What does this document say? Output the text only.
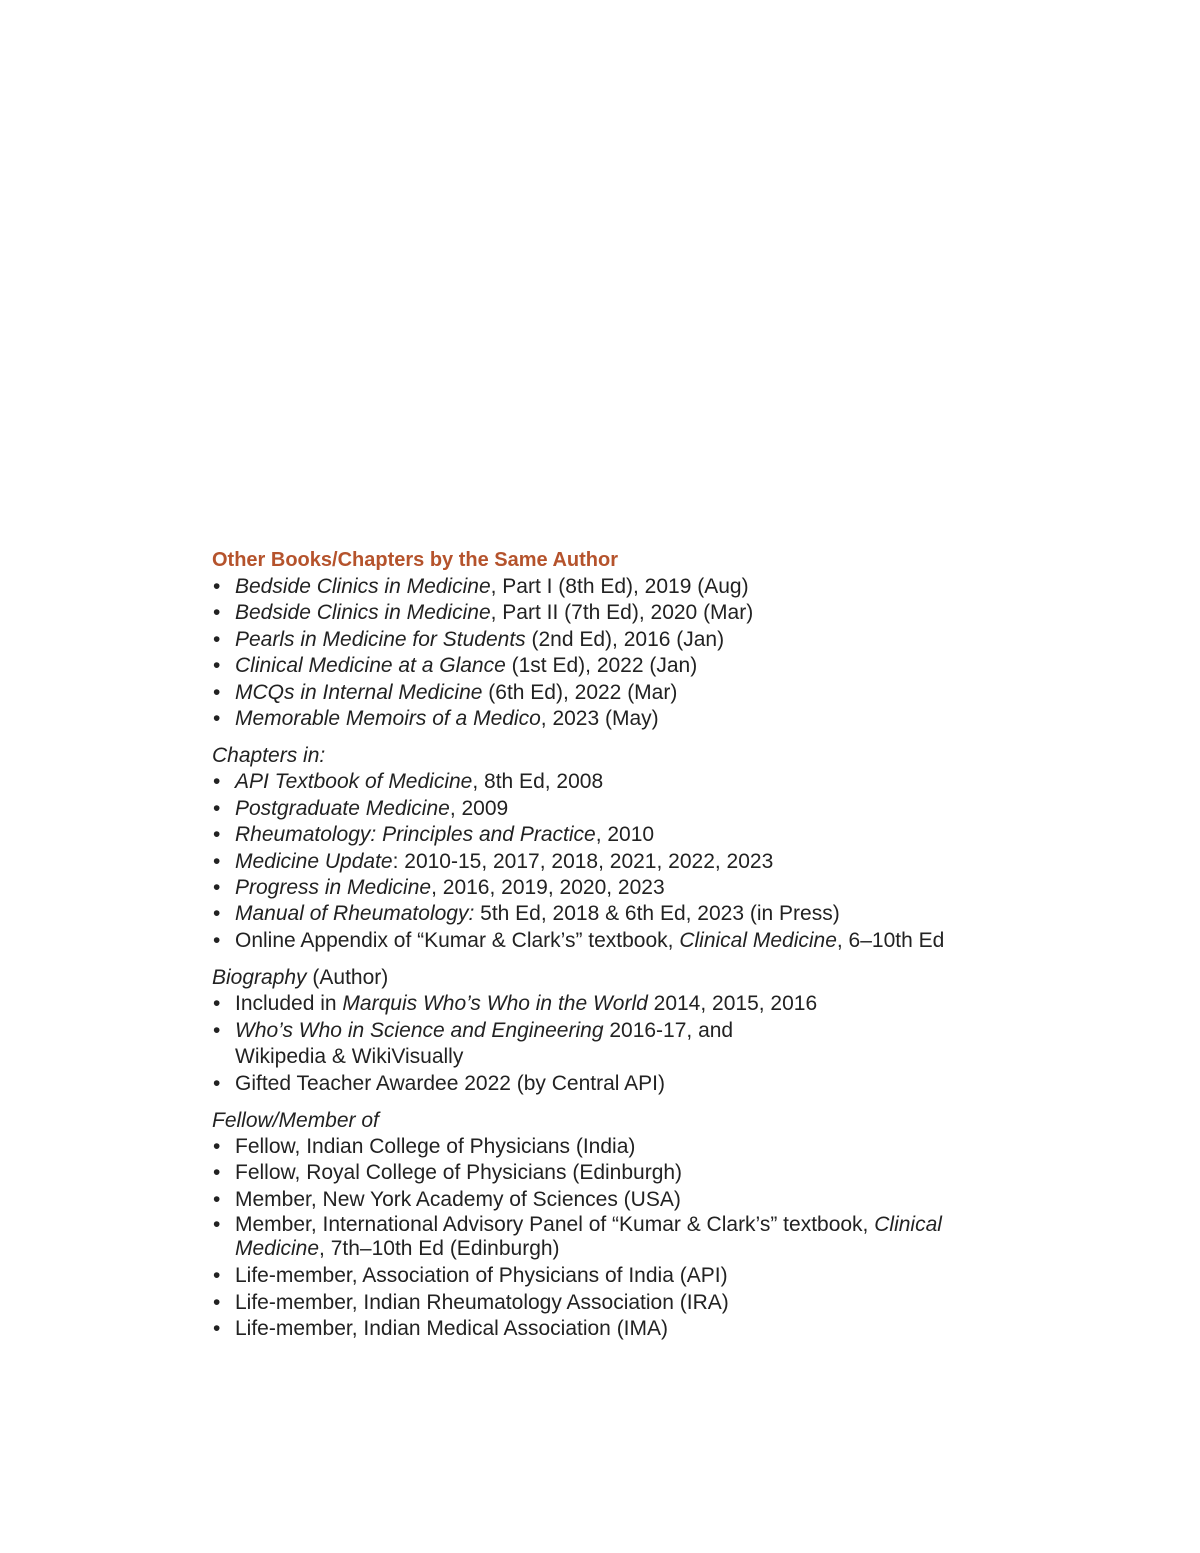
Other Books/Chapters by the Same Author

• Bedside Clinics in Medicine, Part I (8th Ed), 2019 (Aug)
• Bedside Clinics in Medicine, Part II (7th Ed), 2020 (Mar)
• Pearls in Medicine for Students (2nd Ed), 2016 (Jan)
• Clinical Medicine at a Glance (1st Ed), 2022 (Jan)
• MCQs in Internal Medicine (6th Ed), 2022 (Mar)
• Memorable Memoirs of a Medico, 2023 (May)

Chapters in:

• API Textbook of Medicine, 8th Ed, 2008
• Postgraduate Medicine, 2009
• Rheumatology: Principles and Practice, 2010
• Medicine Update: 2010-15, 2017, 2018, 2021, 2022, 2023
• Progress in Medicine, 2016, 2019, 2020, 2023
• Manual of Rheumatology: 5th Ed, 2018 & 6th Ed, 2023 (in Press)
• Online Appendix of “Kumar & Clark’s” textbook, Clinical Medicine, 6–10th Ed

Biography (Author)

• Included in Marquis Who’s Who in the World 2014, 2015, 2016
• Who’s Who in Science and Engineering 2016-17, and
Wikipedia & WikiVisually
• Gifted Teacher Awardee 2022 (by Central API)

Fellow/Member of

• Fellow, Indian College of Physicians (India)
• Fellow, Royal College of Physicians (Edinburgh)
• Member, New York Academy of Sciences (USA)
• Member, International Advisory Panel of “Kumar & Clark’s” textbook, Clinical Medicine, 7th–10th Ed (Edinburgh)
• Life-member, Association of Physicians of India (API)
• Life-member, Indian Rheumatology Association (IRA)
• Life-member, Indian Medical Association (IMA)
